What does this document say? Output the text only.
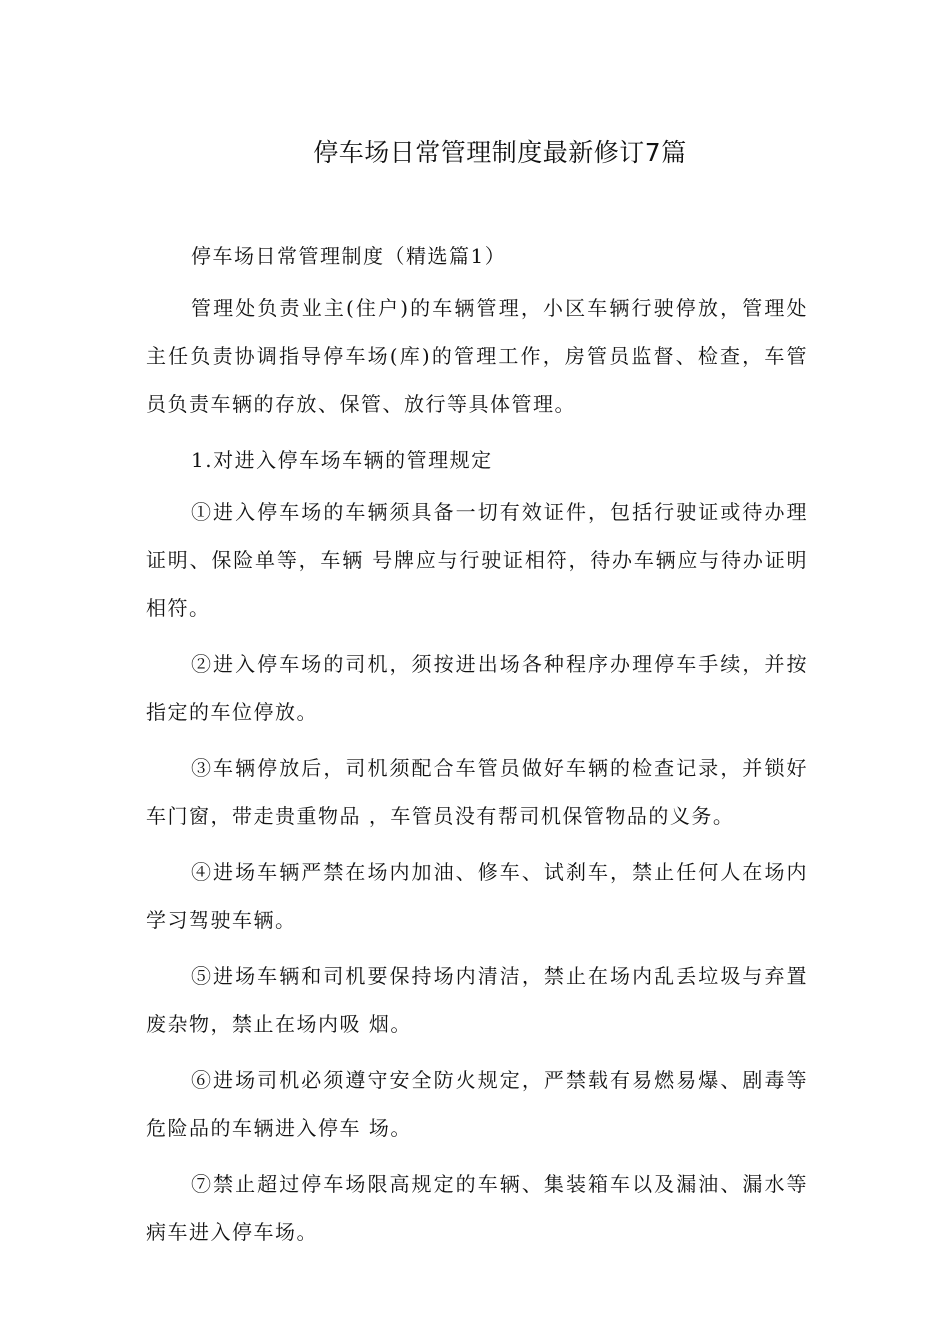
停车场日常管理制度最新修订7篇

停车场日常管理制度（精选篇1）

管理处负责业主(住户)的车辆管理，小区车辆行驶停放，管理处主任负责协调指导停车场(库)的管理工作，房管员监督、检查，车管员负责车辆的存放、保管、放行等具体管理。

1.对进入停车场车辆的管理规定

①进入停车场的车辆须具备一切有效证件，包括行驶证或待办理证明、保险单等，车辆 号牌应与行驶证相符，待办车辆应与待办证明相符。

②进入停车场的司机，须按进出场各种程序办理停车手续，并按指定的车位停放。

③车辆停放后，司机须配合车管员做好车辆的检查记录，并锁好车门窗，带走贵重物品 ，车管员没有帮司机保管物品的义务。

④进场车辆严禁在场内加油、修车、试刹车，禁止任何人在场内学习驾驶车辆。

⑤进场车辆和司机要保持场内清洁，禁止在场内乱丢垃圾与弃置废杂物，禁止在场内吸 烟。

⑥进场司机必须遵守安全防火规定，严禁载有易燃易爆、剧毒等危险品的车辆进入停车 场。

⑦禁止超过停车场限高规定的车辆、集装箱车以及漏油、漏水等病车进入停车场。
